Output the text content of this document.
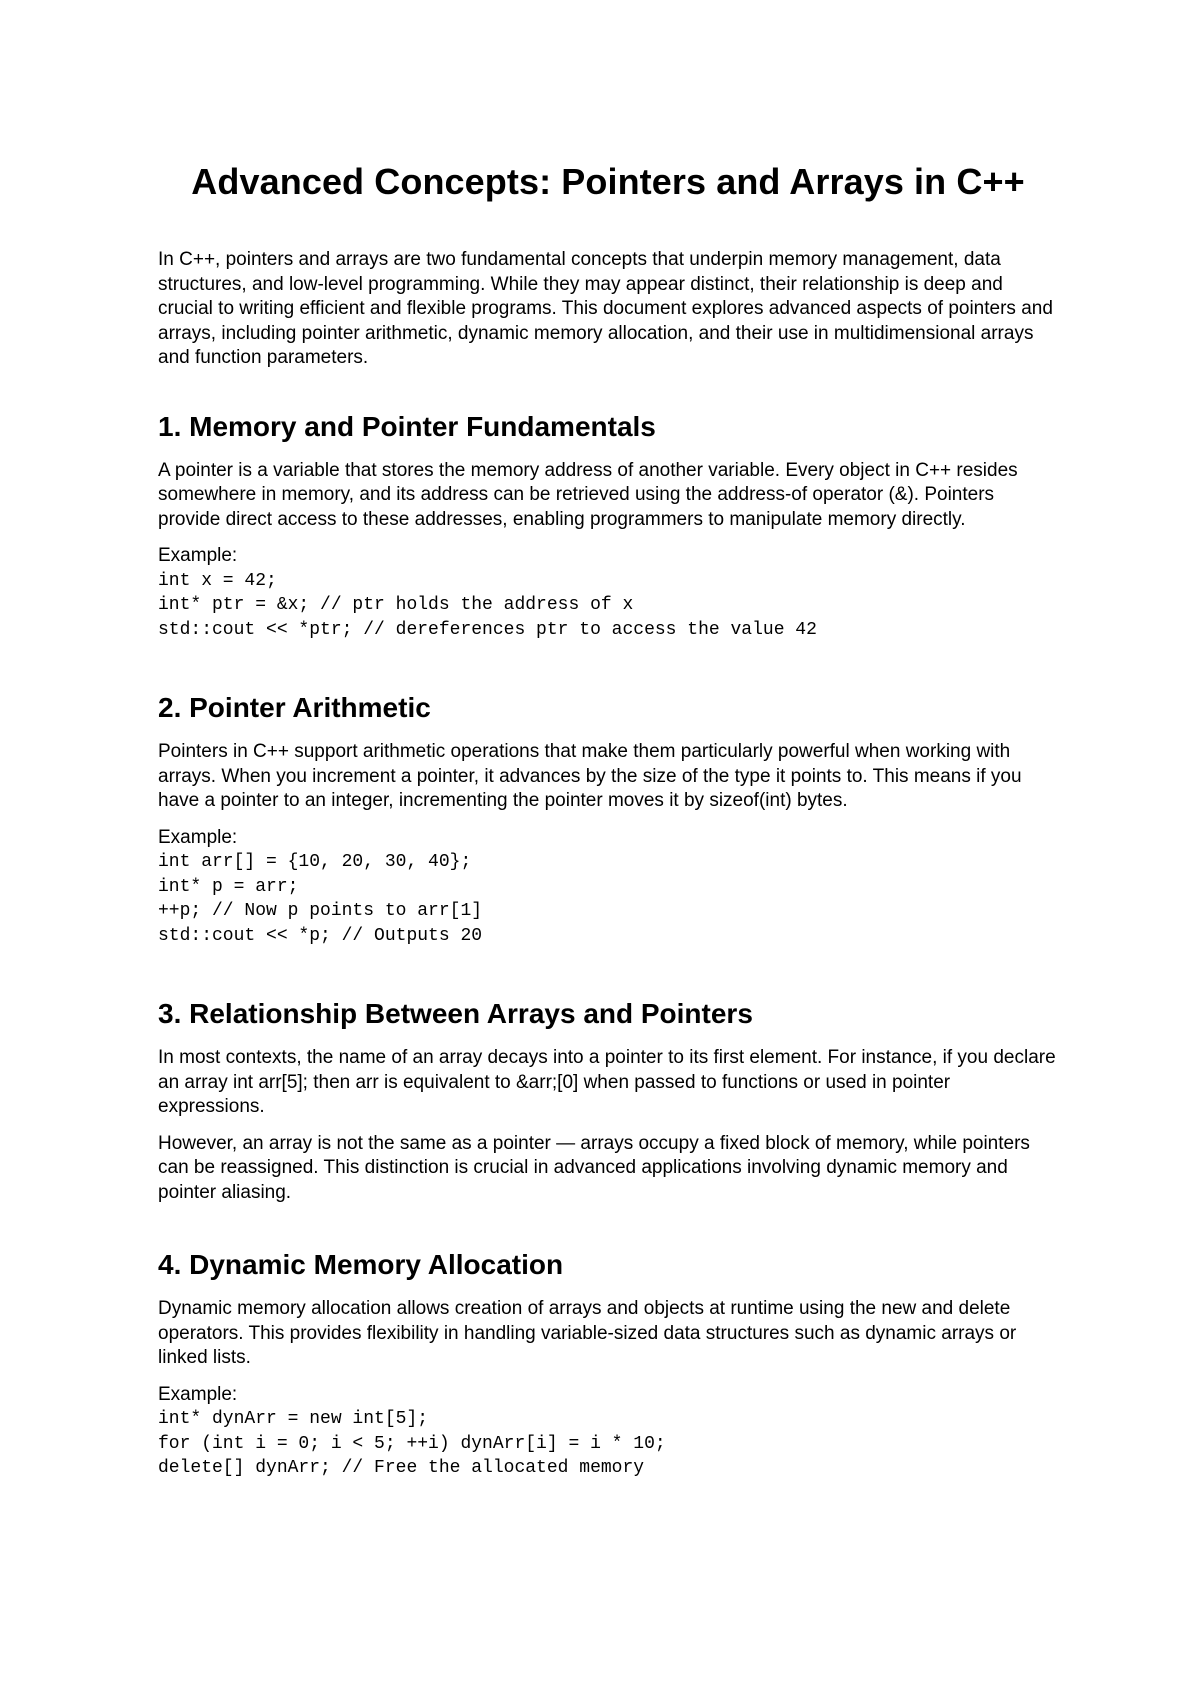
Advanced Concepts: Pointers and Arrays in C++

In C++, pointers and arrays are two fundamental concepts that underpin memory management, data structures, and low-level programming. While they may appear distinct, their relationship is deep and crucial to writing efficient and flexible programs. This document explores advanced aspects of pointers and arrays, including pointer arithmetic, dynamic memory allocation, and their use in multidimensional arrays and function parameters.

1. Memory and Pointer Fundamentals

A pointer is a variable that stores the memory address of another variable. Every object in C++ resides somewhere in memory, and its address can be retrieved using the address-of operator (&). Pointers provide direct access to these addresses, enabling programmers to manipulate memory directly.

Example:
int x = 42;
int* ptr = &x; // ptr holds the address of x
std::cout << *ptr; // dereferences ptr to access the value 42
2. Pointer Arithmetic

Pointers in C++ support arithmetic operations that make them particularly powerful when working with arrays. When you increment a pointer, it advances by the size of the type it points to. This means if you have a pointer to an integer, incrementing the pointer moves it by sizeof(int) bytes.

Example:
int arr[] = {10, 20, 30, 40};
int* p = arr;
++p; // Now p points to arr[1]
std::cout << *p; // Outputs 20
3. Relationship Between Arrays and Pointers

In most contexts, the name of an array decays into a pointer to its first element. For instance, if you declare an array int arr[5]; then arr is equivalent to &arr;[0] when passed to functions or used in pointer expressions.

However, an array is not the same as a pointer — arrays occupy a fixed block of memory, while pointers can be reassigned. This distinction is crucial in advanced applications involving dynamic memory and pointer aliasing.

4. Dynamic Memory Allocation

Dynamic memory allocation allows creation of arrays and objects at runtime using the new and delete operators. This provides flexibility in handling variable-sized data structures such as dynamic arrays or linked lists.

Example:
int* dynArr = new int[5];
for (int i = 0; i < 5; ++i) dynArr[i] = i * 10;
delete[] dynArr; // Free the allocated memory
